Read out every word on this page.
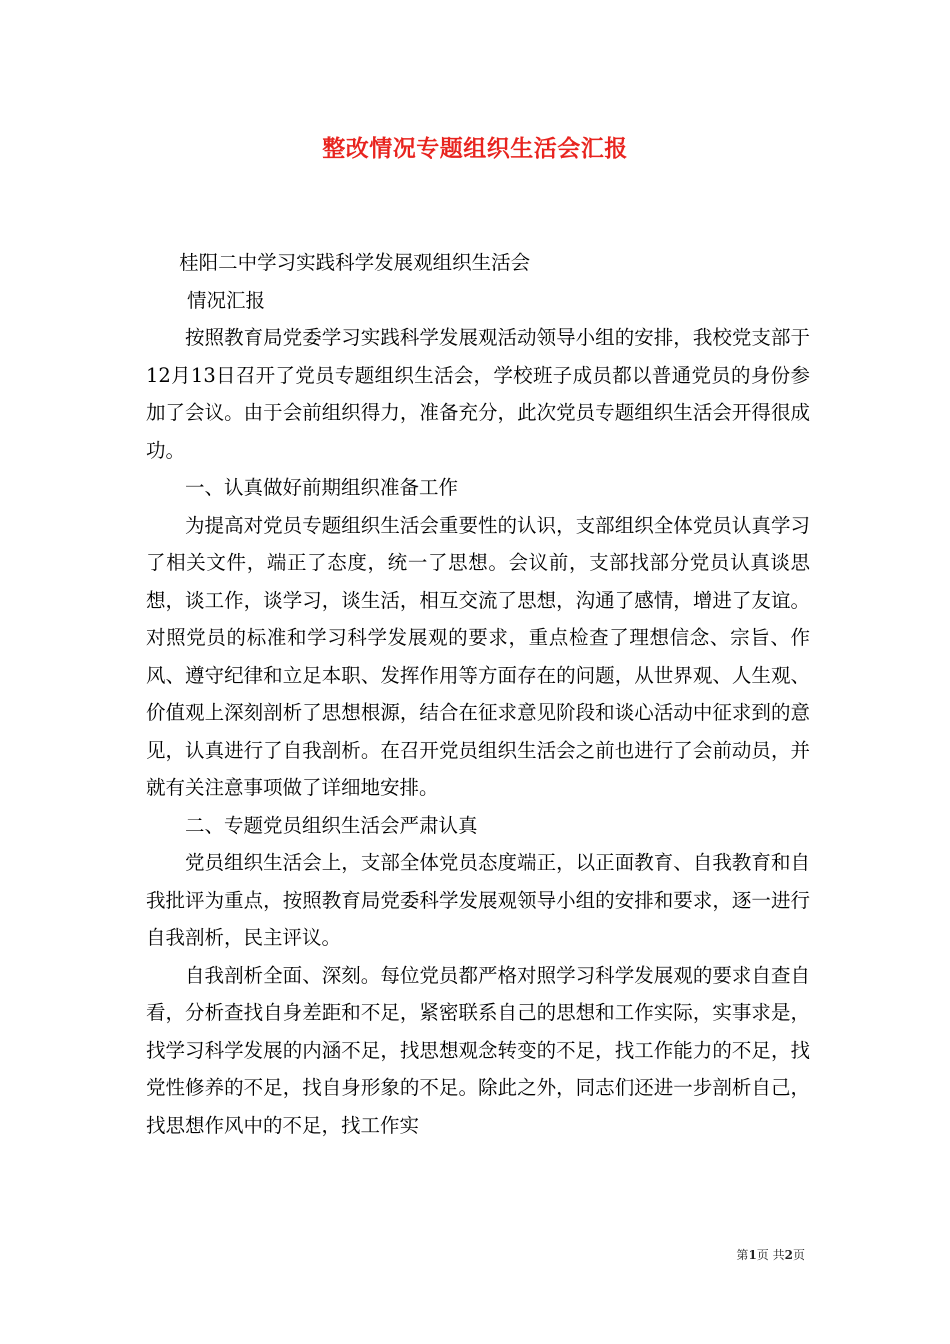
整改情况专题组织生活会汇报

桂阳二中学习实践科学发展观组织生活会

情况汇报

按照教育局党委学习实践科学发展观活动领导小组的安排，我校党支部于12月13日召开了党员专题组织生活会，学校班子成员都以普通党员的身份参加了会议。由于会前组织得力，准备充分，此次党员专题组织生活会开得很成功。

一、认真做好前期组织准备工作

为提高对党员专题组织生活会重要性的认识，支部组织全体党员认真学习了相关文件，端正了态度，统一了思想。会议前，支部找部分党员认真谈思想，谈工作，谈学习，谈生活，相互交流了思想，沟通了感情，增进了友谊。对照党员的标准和学习科学发展观的要求，重点检查了理想信念、宗旨、作风、遵守纪律和立足本职、发挥作用等方面存在的问题，从世界观、人生观、价值观上深刻剖析了思想根源，结合在征求意见阶段和谈心活动中征求到的意见，认真进行了自我剖析。在召开党员组织生活会之前也进行了会前动员，并就有关注意事项做了详细地安排。

二、专题党员组织生活会严肃认真

党员组织生活会上，支部全体党员态度端正，以正面教育、自我教育和自我批评为重点，按照教育局党委科学发展观领导小组的安排和要求，逐一进行自我剖析，民主评议。

自我剖析全面、深刻。每位党员都严格对照学习科学发展观的要求自查自看，分析查找自身差距和不足，紧密联系自己的思想和工作实际，实事求是，找学习科学发展的内涵不足，找思想观念转变的不足，找工作能力的不足，找党性修养的不足，找自身形象的不足。除此之外，同志们还进一步剖析自己，找思想作风中的不足，找工作实

第1页 共2页
